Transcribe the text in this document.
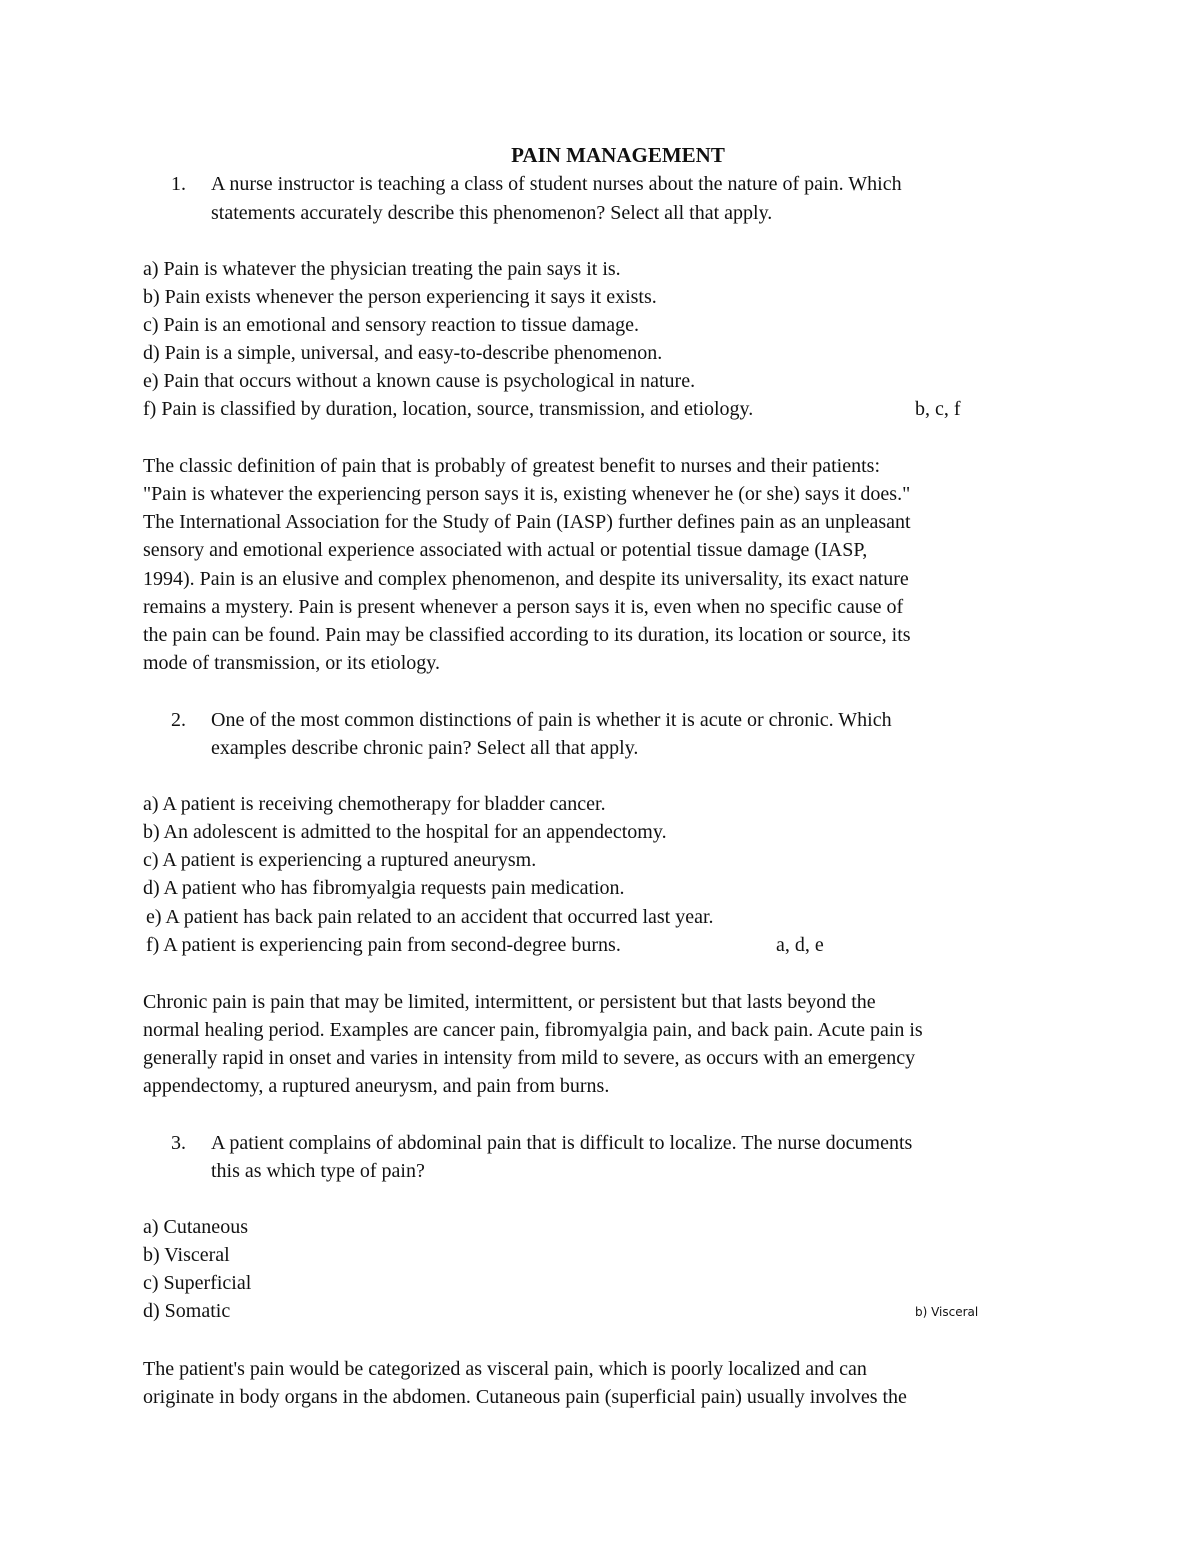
PAIN MANAGEMENT
1. A nurse instructor is teaching a class of student nurses about the nature of pain. Which
statements accurately describe this phenomenon? Select all that apply.
a) Pain is whatever the physician treating the pain says it is.
b) Pain exists whenever the person experiencing it says it exists.
c) Pain is an emotional and sensory reaction to tissue damage.
d) Pain is a simple, universal, and easy-to-describe phenomenon.
e) Pain that occurs without a known cause is psychological in nature.
f) Pain is classified by duration, location, source, transmission, and etiology.	b, c, f
The classic definition of pain that is probably of greatest benefit to nurses and their patients:
"Pain is whatever the experiencing person says it is, existing whenever he (or she) says it does."
The International Association for the Study of Pain (IASP) further defines pain as an unpleasant
sensory and emotional experience associated with actual or potential tissue damage (IASP,
1994). Pain is an elusive and complex phenomenon, and despite its universality, its exact nature
remains a mystery. Pain is present whenever a person says it is, even when no specific cause of
the pain can be found. Pain may be classified according to its duration, its location or source, its
mode of transmission, or its etiology.
2. One of the most common distinctions of pain is whether it is acute or chronic. Which
examples describe chronic pain? Select all that apply.
a) A patient is receiving chemotherapy for bladder cancer.
b) An adolescent is admitted to the hospital for an appendectomy.
c) A patient is experiencing a ruptured aneurysm.
d) A patient who has fibromyalgia requests pain medication.
e) A patient has back pain related to an accident that occurred last year.
f) A patient is experiencing pain from second-degree burns.	a, d, e
Chronic pain is pain that may be limited, intermittent, or persistent but that lasts beyond the
normal healing period. Examples are cancer pain, fibromyalgia pain, and back pain. Acute pain is
generally rapid in onset and varies in intensity from mild to severe, as occurs with an emergency
appendectomy, a ruptured aneurysm, and pain from burns.
3. A patient complains of abdominal pain that is difficult to localize. The nurse documents
this as which type of pain?
a) Cutaneous
b) Visceral
c) Superficial
d) Somatic	b) Visceral
The patient's pain would be categorized as visceral pain, which is poorly localized and can
originate in body organs in the abdomen. Cutaneous pain (superficial pain) usually involves the
